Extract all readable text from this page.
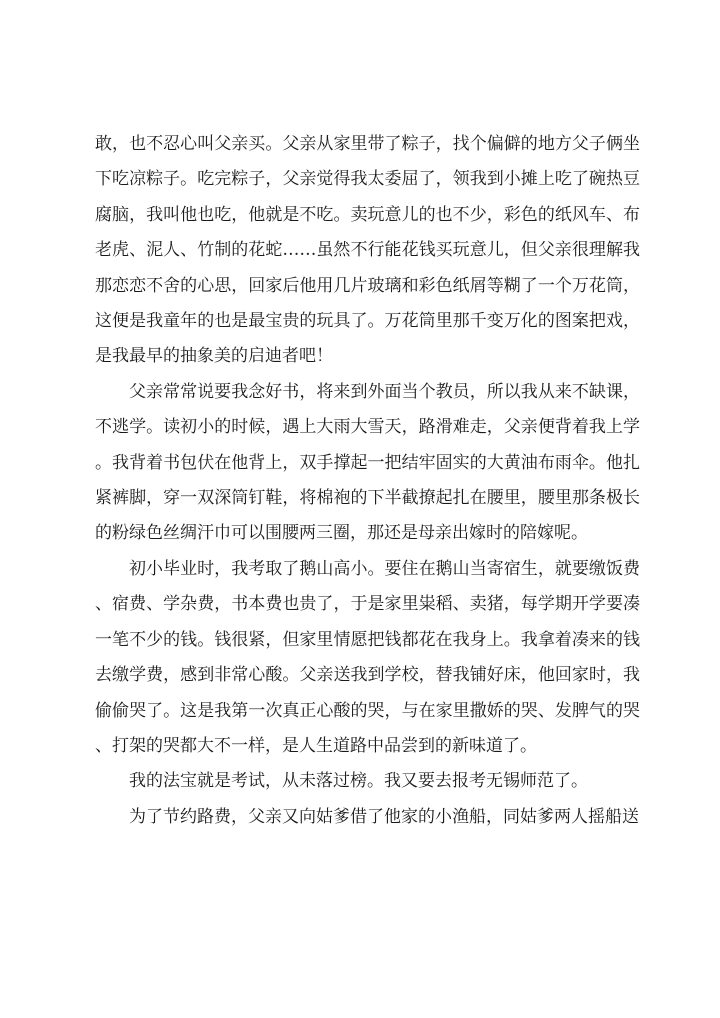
敢，也不忍心叫父亲买。父亲从家里带了粽子，找个偏僻的地方父子俩坐下吃凉粽子。吃完粽子，父亲觉得我太委屈了，领我到小摊上吃了碗热豆腐脑，我叫他也吃，他就是不吃。卖玩意儿的也不少，彩色的纸风车、布老虎、泥人、竹制的花蛇……虽然不行能花钱买玩意儿，但父亲很理解我那恋恋不舍的心思，回家后他用几片玻璃和彩色纸屑等糊了一个万花筒，这便是我童年的也是最宝贵的玩具了。万花筒里那千变万化的图案把戏，是我最早的抽象美的启迪者吧！

父亲常常说要我念好书，将来到外面当个教员，所以我从来不缺课，不逃学。读初小的时候，遇上大雨大雪天，路滑难走，父亲便背着我上学。我背着书包伏在他背上，双手撑起一把结牢固实的大黄油布雨伞。他扎紧裤脚，穿一双深筒钉鞋，将棉袍的下半截撩起扎在腰里，腰里那条极长的粉绿色丝绸汗巾可以围腰两三圈，那还是母亲出嫁时的陪嫁呢。

初小毕业时，我考取了鹅山高小。要住在鹅山当寄宿生，就要缴饭费、宿费、学杂费，书本费也贵了，于是家里粜稻、卖猪，每学期开学要凑一笔不少的钱。钱很紧，但家里情愿把钱都花在我身上。我拿着凑来的钱去缴学费，感到非常心酸。父亲送我到学校，替我铺好床，他回家时，我偷偷哭了。这是我第一次真正心酸的哭，与在家里撒娇的哭、发脾气的哭、打架的哭都大不一样，是人生道路中品尝到的新味道了。

我的法宝就是考试，从未落过榜。我又要去报考无锡师范了。

为了节约路费，父亲又向姑爹借了他家的小渔船，同姑爹两人摇船送
